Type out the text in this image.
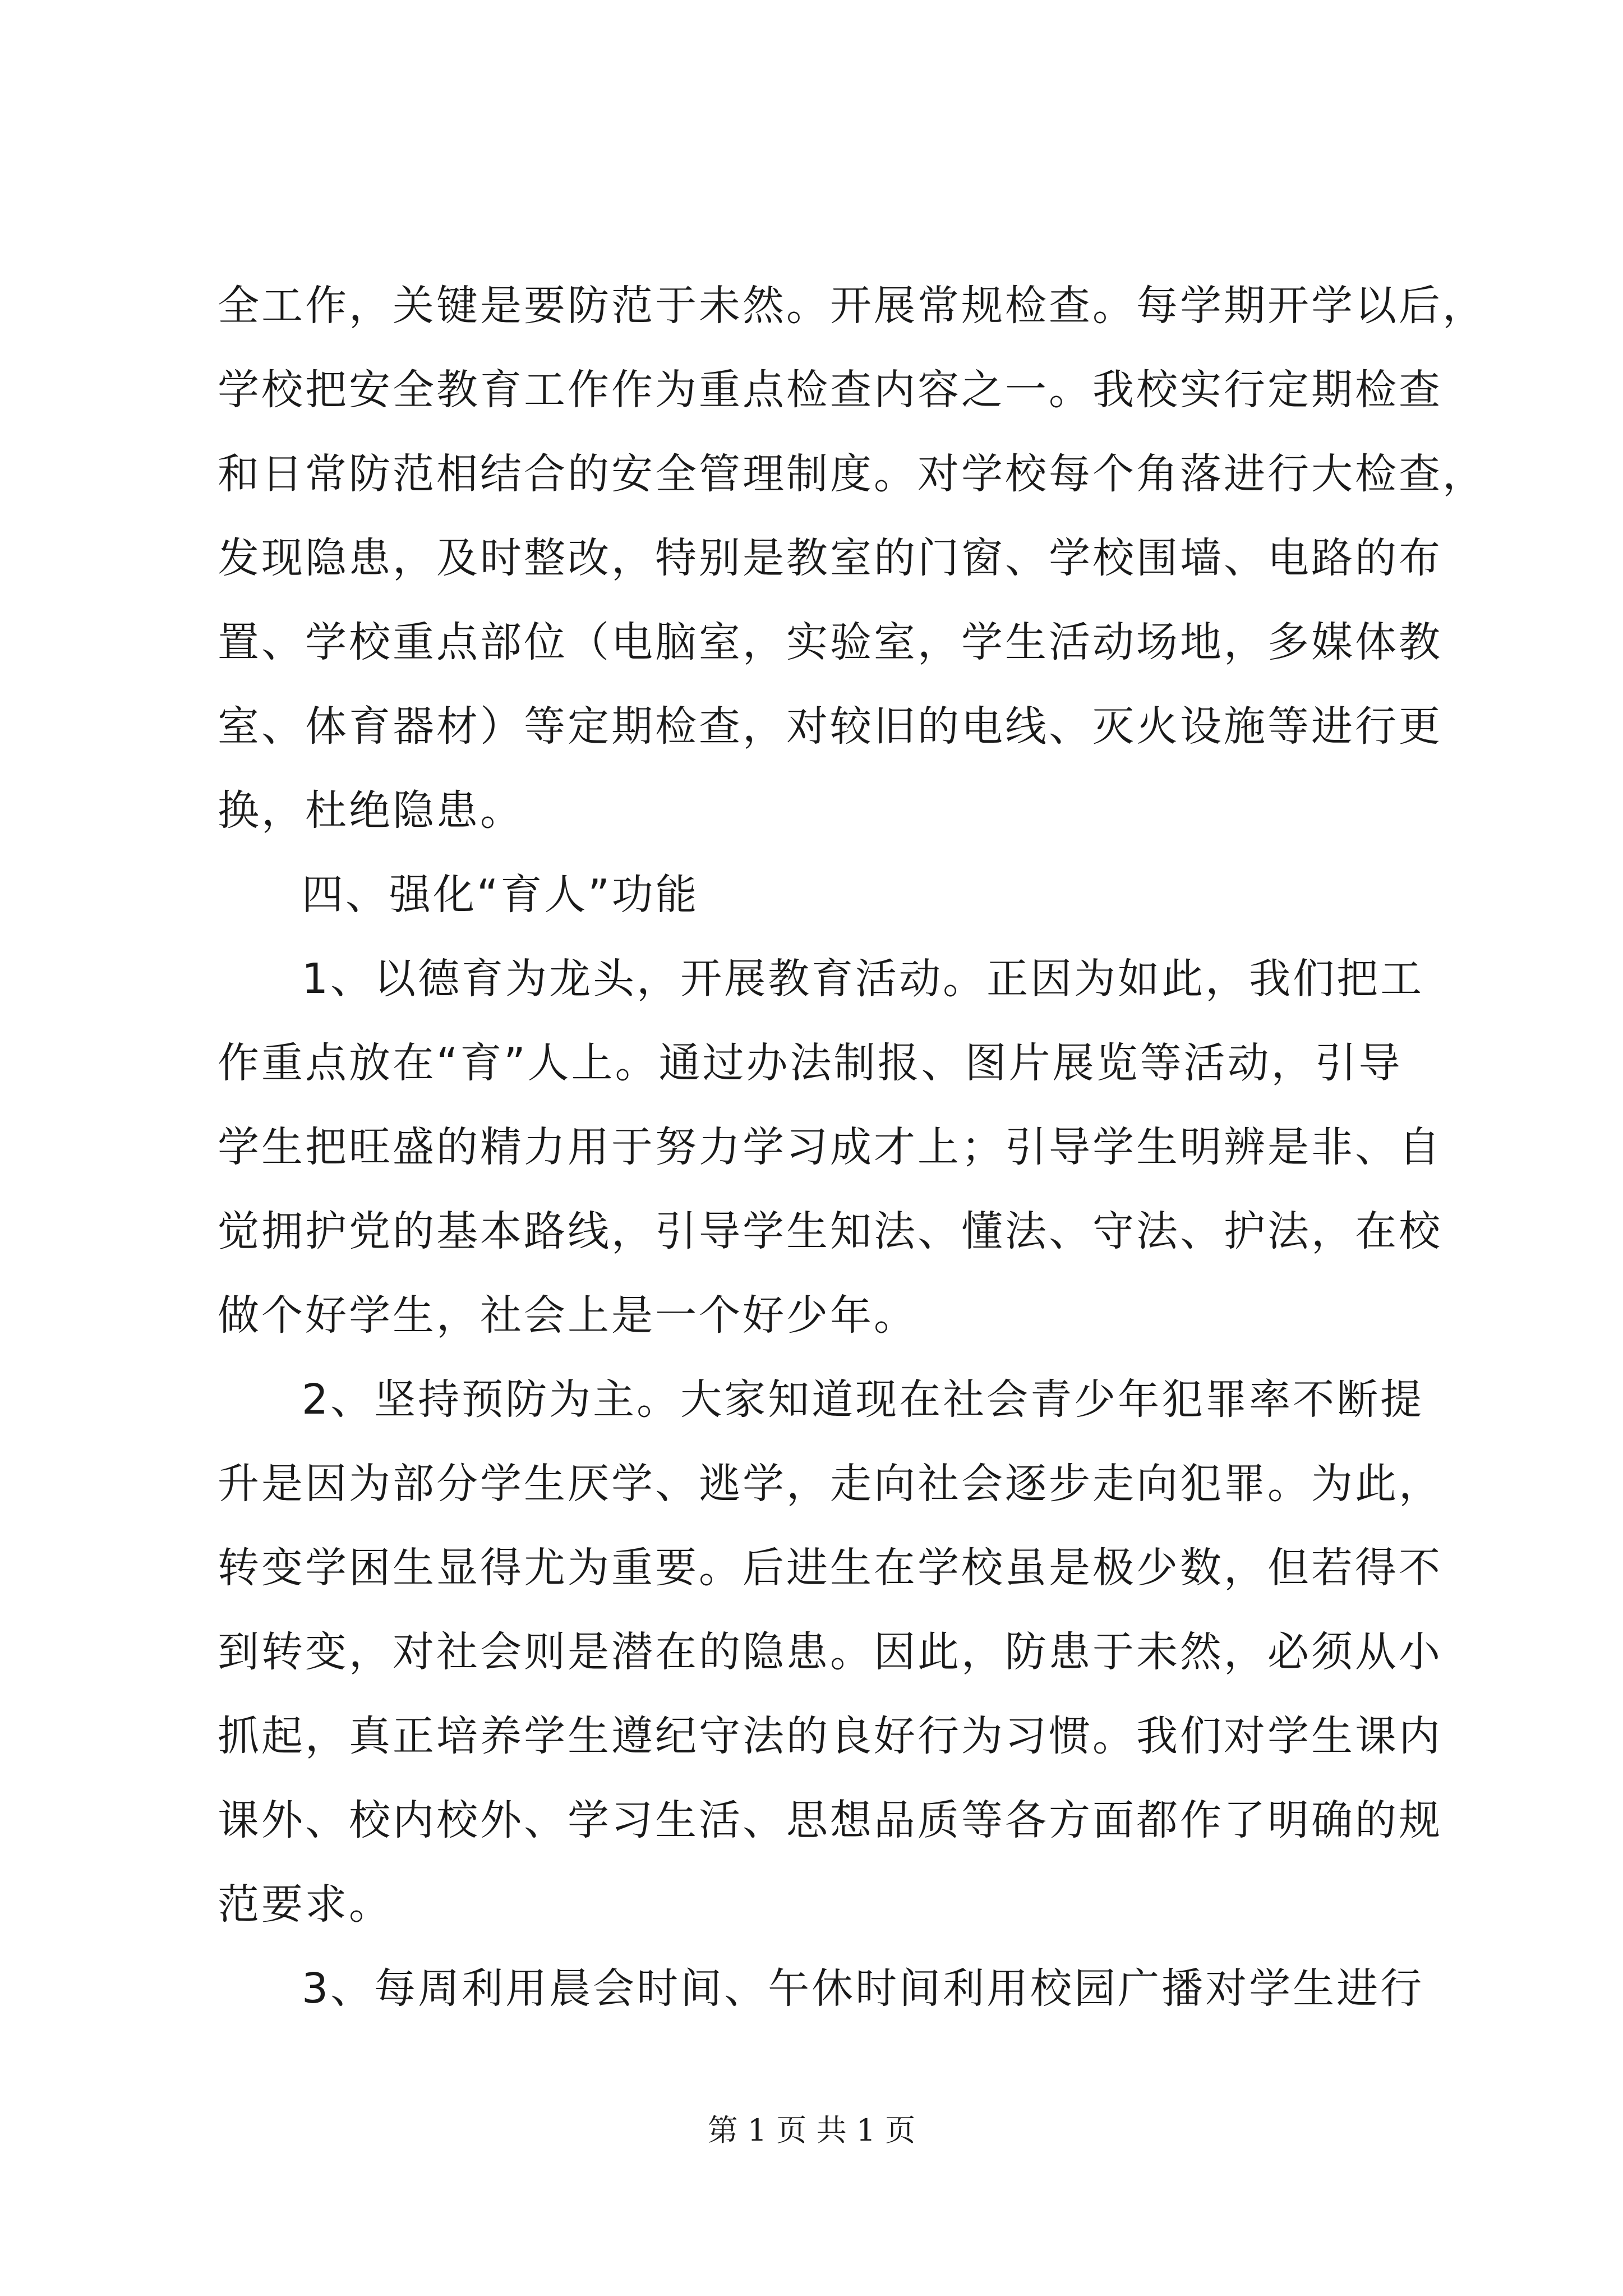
全工作，关键是要防范于未然。开展常规检查。每学期开学以后，
学校把安全教育工作作为重点检查内容之一。我校实行定期检查
和日常防范相结合的安全管理制度。对学校每个角落进行大检查，
发现隐患，及时整改，特别是教室的门窗、学校围墙、电路的布
置、学校重点部位（电脑室，实验室，学生活动场地，多媒体教
室、体育器材）等定期检查，对较旧的电线、灭火设施等进行更
换，杜绝隐患。
四、强化“育人”功能
1、以德育为龙头，开展教育活动。正因为如此，我们把工
作重点放在“育”人上。通过办法制报、图片展览等活动，引导
学生把旺盛的精力用于努力学习成才上；引导学生明辨是非、自
觉拥护党的基本路线，引导学生知法、懂法、守法、护法，在校
做个好学生，社会上是一个好少年。
2、坚持预防为主。大家知道现在社会青少年犯罪率不断提
升是因为部分学生厌学、逃学，走向社会逐步走向犯罪。为此，
转变学困生显得尤为重要。后进生在学校虽是极少数，但若得不
到转变，对社会则是潜在的隐患。因此，防患于未然，必须从小
抓起，真正培养学生遵纪守法的良好行为习惯。我们对学生课内
课外、校内校外、学习生活、思想品质等各方面都作了明确的规
范要求。
3、每周利用晨会时间、午休时间利用校园广播对学生进行
第 1 页 共 1 页
